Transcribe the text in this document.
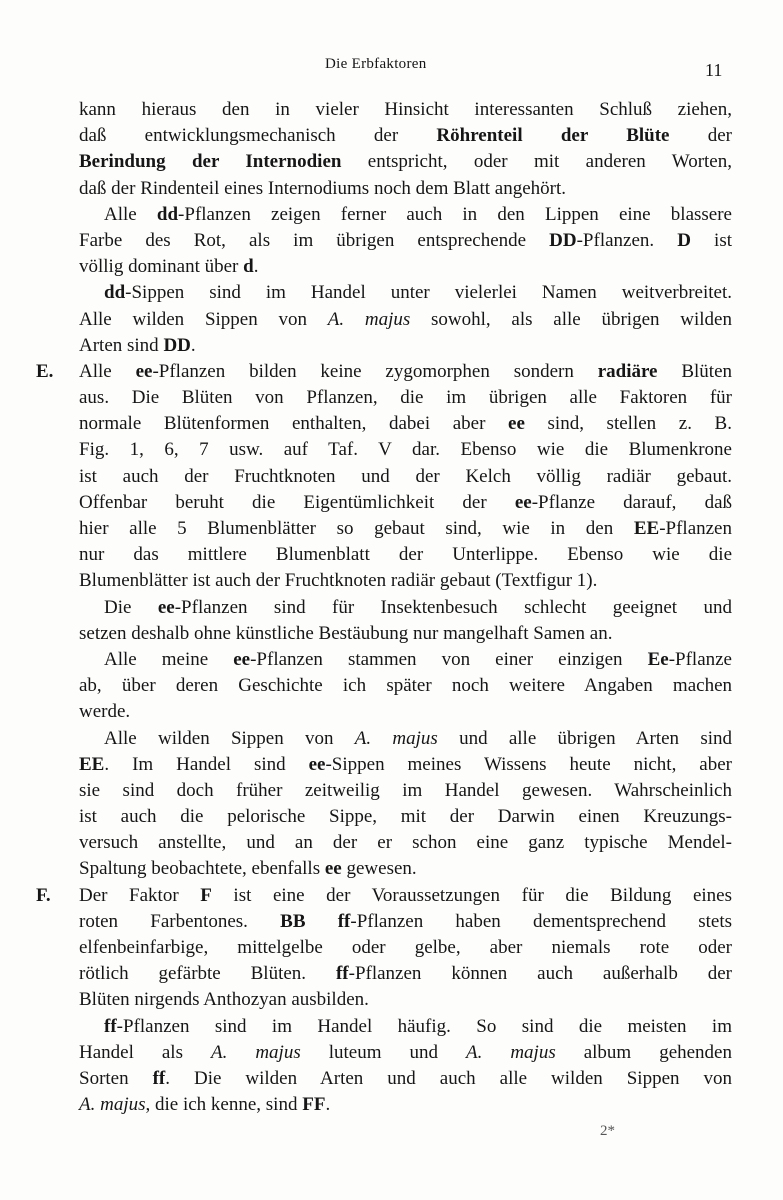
Die Erbfaktoren	11
kann hieraus den in vieler Hinsicht interessanten Schluß ziehen,
daß entwicklungsmechanisch der Röhrenteil der Blüte der
Berindung der Internodien entspricht, oder mit anderen Worten,
daß der Rindenteil eines Internodiums noch dem Blatt angehört.
Alle dd-Pflanzen zeigen ferner auch in den Lippen eine blassere
Farbe des Rot, als im übrigen entsprechende DD-Pflanzen. D ist
völlig dominant über d.
dd-Sippen sind im Handel unter vielerlei Namen weitverbreitet.
Alle wilden Sippen von A. majus sowohl, als alle übrigen wilden
Arten sind DD.
E. Alle ee-Pflanzen bilden keine zygomorphen sondern radiäre Blüten
aus. Die Blüten von Pflanzen, die im übrigen alle Faktoren für
normale Blütenformen enthalten, dabei aber ee sind, stellen z. B.
Fig. 1, 6, 7 usw. auf Taf. V dar. Ebenso wie die Blumenkrone
ist auch der Fruchtknoten und der Kelch völlig radiär gebaut.
Offenbar beruht die Eigentümlichkeit der ee-Pflanze darauf, daß
hier alle 5 Blumenblätter so gebaut sind, wie in den EE-Pflanzen
nur das mittlere Blumenblatt der Unterlippe. Ebenso wie die
Blumenblätter ist auch der Fruchtknoten radiär gebaut (Textfigur 1).
Die ee-Pflanzen sind für Insektenbesuch schlecht geeignet und
setzen deshalb ohne künstliche Bestäubung nur mangelhaft Samen an.
Alle meine ee-Pflanzen stammen von einer einzigen Ee-Pflanze
ab, über deren Geschichte ich später noch weitere Angaben machen
werde.
Alle wilden Sippen von A. majus und alle übrigen Arten sind
EE. Im Handel sind ee-Sippen meines Wissens heute nicht, aber
sie sind doch früher zeitweilig im Handel gewesen. Wahrscheinlich
ist auch die pelorische Sippe, mit der Darwin einen Kreuzungs-
versuch anstellte, und an der er schon eine ganz typische Mendel-
Spaltung beobachtete, ebenfalls ee gewesen.
F. Der Faktor F ist eine der Voraussetzungen für die Bildung eines
roten Farbentones. BB ff-Pflanzen haben dementsprechend stets
elfenbeinfarbige, mittelgelbe oder gelbe, aber niemals rote oder
rötlich gefärbte Blüten. ff-Pflanzen können auch außerhalb der
Blüten nirgends Anthozyan ausbilden.
ff-Pflanzen sind im Handel häufig. So sind die meisten im
Handel als A. majus luteum und A. majus album gehenden
Sorten ff. Die wilden Arten und auch alle wilden Sippen von
A. majus, die ich kenne, sind FF.
2*
